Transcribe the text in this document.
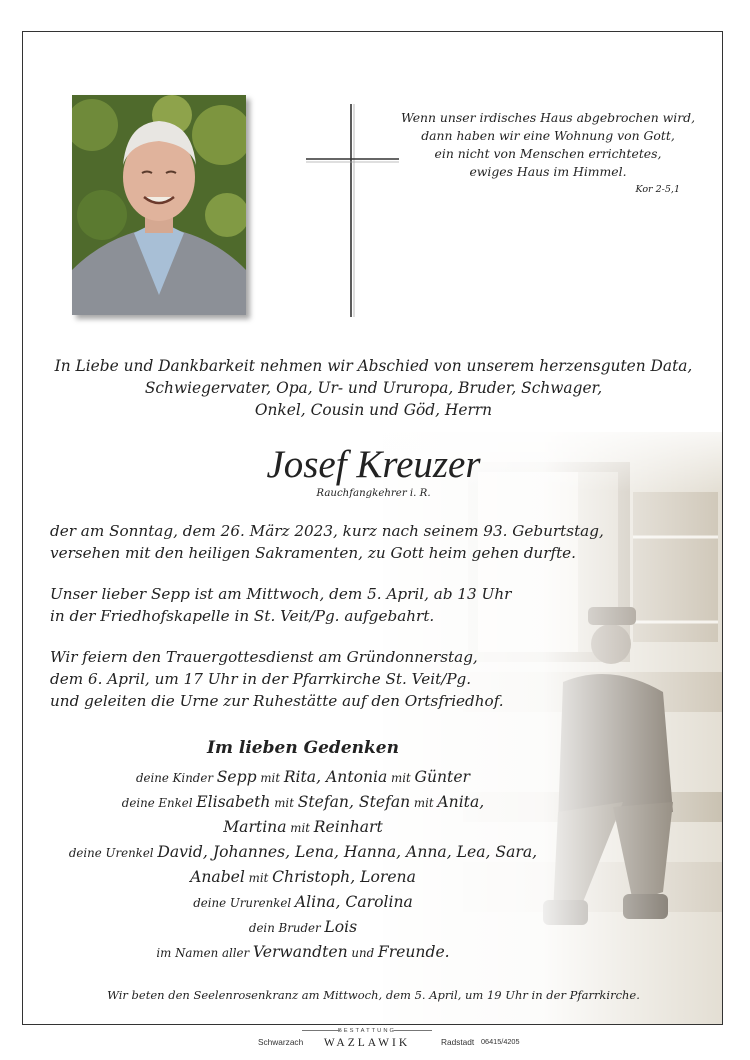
Wenn unser irdisches Haus abgebrochen wird,
dann haben wir eine Wohnung von Gott,
ein nicht von Menschen errichtetes,
ewiges Haus im Himmel.
Kor 2-5,1
In Liebe und Dankbarkeit nehmen wir Abschied von unserem herzensguten Data,
Schwiegervater, Opa, Ur- und Ururopa, Bruder, Schwager,
Onkel, Cousin und Göd, Herrn
Josef Kreuzer
Rauchfangkehrer i. R.
der am Sonntag, dem 26. März 2023, kurz nach seinem 93. Geburtstag,
versehen mit den heiligen Sakramenten, zu Gott heim gehen durfte.
Unser lieber Sepp ist am Mittwoch, dem 5. April, ab 13 Uhr
in der Friedhofskapelle in St. Veit/Pg. aufgebahrt.
Wir feiern den Trauergottesdienst am Gründonnerstag,
dem 6. April, um 17 Uhr in der Pfarrkirche St. Veit/Pg.
und geleiten die Urne zur Ruhestätte auf den Ortsfriedhof.
Im lieben Gedenken
deine Kinder Sepp mit Rita, Antonia mit Günter
deine Enkel Elisabeth mit Stefan, Stefan mit Anita,
Martina mit Reinhart
deine Urenkel David, Johannes, Lena, Hanna, Anna, Lea, Sara,
Anabel mit Christoph, Lorena
deine Ururenkel Alina, Carolina
dein Bruder Lois
im Namen aller Verwandten und Freunde.
Wir beten den Seelenrosenkranz am Mittwoch, dem 5. April, um 19 Uhr in der Pfarrkirche.
Schwarzach
BESTATTUNG
WAZLAWIK	Radstadt 06415/4205
